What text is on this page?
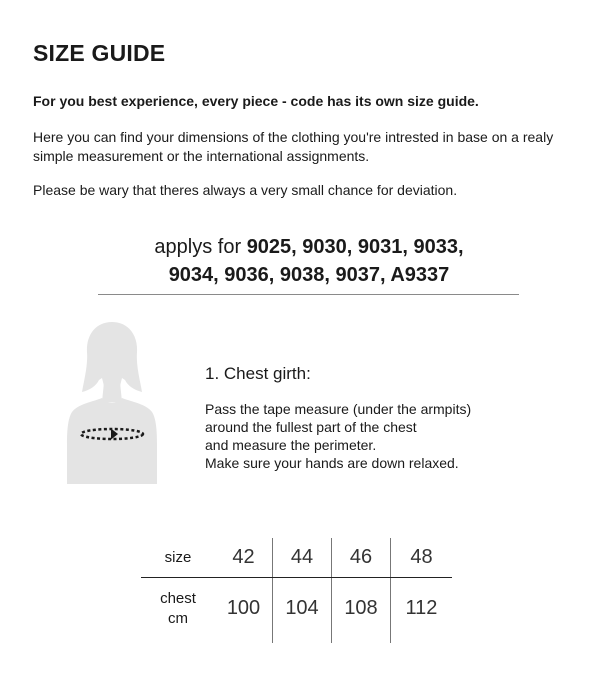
SIZE GUIDE

For you best experience, every piece - code has its own size guide.

Here you can find your dimensions of the clothing you're intrested in base on a realy simple measurement or the international assignments.

Please be wary that theres always a very small chance for deviation.

applys for 9025, 9030, 9031, 9033,
9034, 9036, 9038, 9037, A9337

1. Chest girth:

Pass the tape measure (under the armpits)
around the fullest part of the chest
and measure the perimeter.
Make sure your hands are down relaxed.

size	42	44	46	48

chest
cm	100	104	108	112
